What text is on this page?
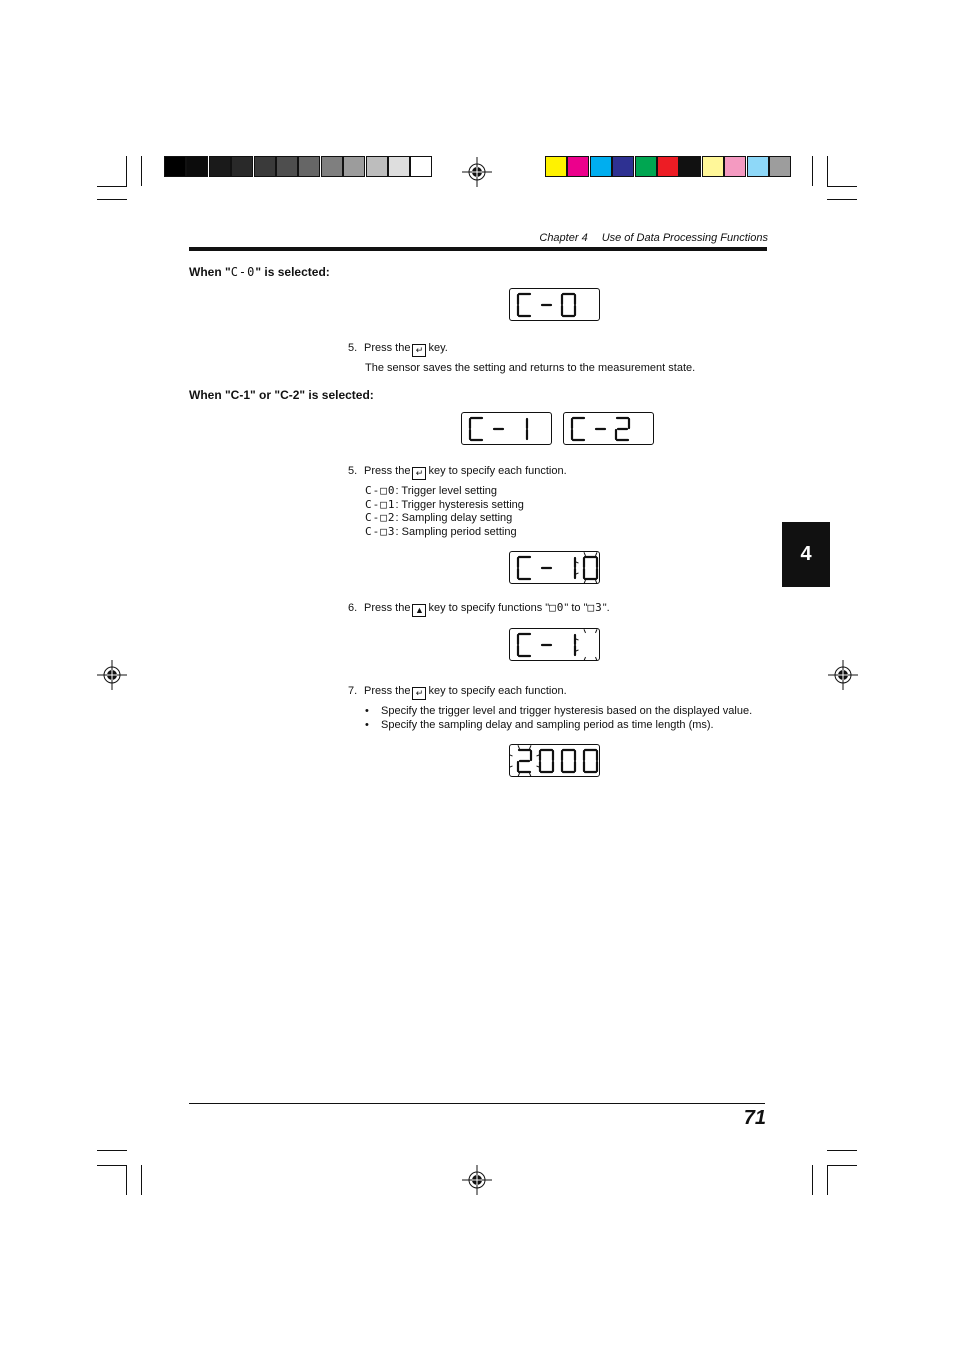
Chapter 4 Use of Data Processing Functions
When "C-0" is selected:
5. Press the ↵ key.
The sensor saves the setting and returns to the measurement state.
When "C-1" or "C-2" is selected:
5. Press the ↵ key to specify each function.
C-□0: Trigger level setting
C-□1: Trigger hysteresis setting
C-□2: Sampling delay setting
C-□3: Sampling period setting
6. Press the ▲ key to specify functions "□0" to "□3".
7. Press the ↵ key to specify each function.
• Specify the trigger level and trigger hysteresis based on the displayed value.
• Specify the sampling delay and sampling period as time length (ms).
4
71
